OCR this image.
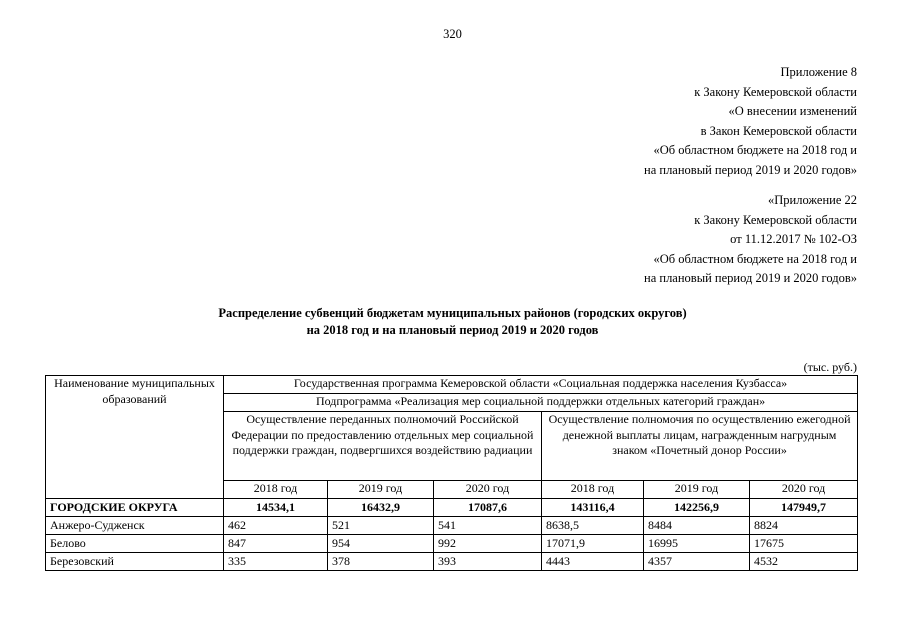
320
Приложение 8
к Закону Кемеровской области
«О внесении изменений
в Закон Кемеровской области
«Об областном бюджете на 2018 год и
на плановый период 2019 и 2020 годов»
«Приложение 22
к Закону Кемеровской области
от 11.12.2017 № 102-ОЗ
«Об областном бюджете на 2018 год и
на плановый период 2019 и 2020 годов»
Распределение субвенций бюджетам муниципальных районов (городских округов)
на 2018 год и на плановый период 2019 и 2020 годов
(тыс. руб.)
Наименование муниципальных образований	Государственная программа Кемеровской области «Социальная поддержка населения Кузбасса»					
	Подпрограмма «Реализация мер социальной поддержки отдельных категорий граждан»					
	Осуществление переданных полномочий Российской Федерации по предоставлению отдельных мер социальной поддержки граждан, подвергшихся воздействию радиации			Осуществление полномочия по осуществлению ежегодной денежной выплаты лицам, награжденным нагрудным знаком «Почетный донор России»		
	2018 год	2019 год	2020 год	2018 год	2019 год	2020 год
ГОРОДСКИЕ ОКРУГА	14534,1	16432,9	17087,6	143116,4	142256,9	147949,7
Анжеро-Судженск	462	521	541	8638,5	8484	8824
Белово	847	954	992	17071,9	16995	17675
Березовский	335	378	393	4443	4357	4532
